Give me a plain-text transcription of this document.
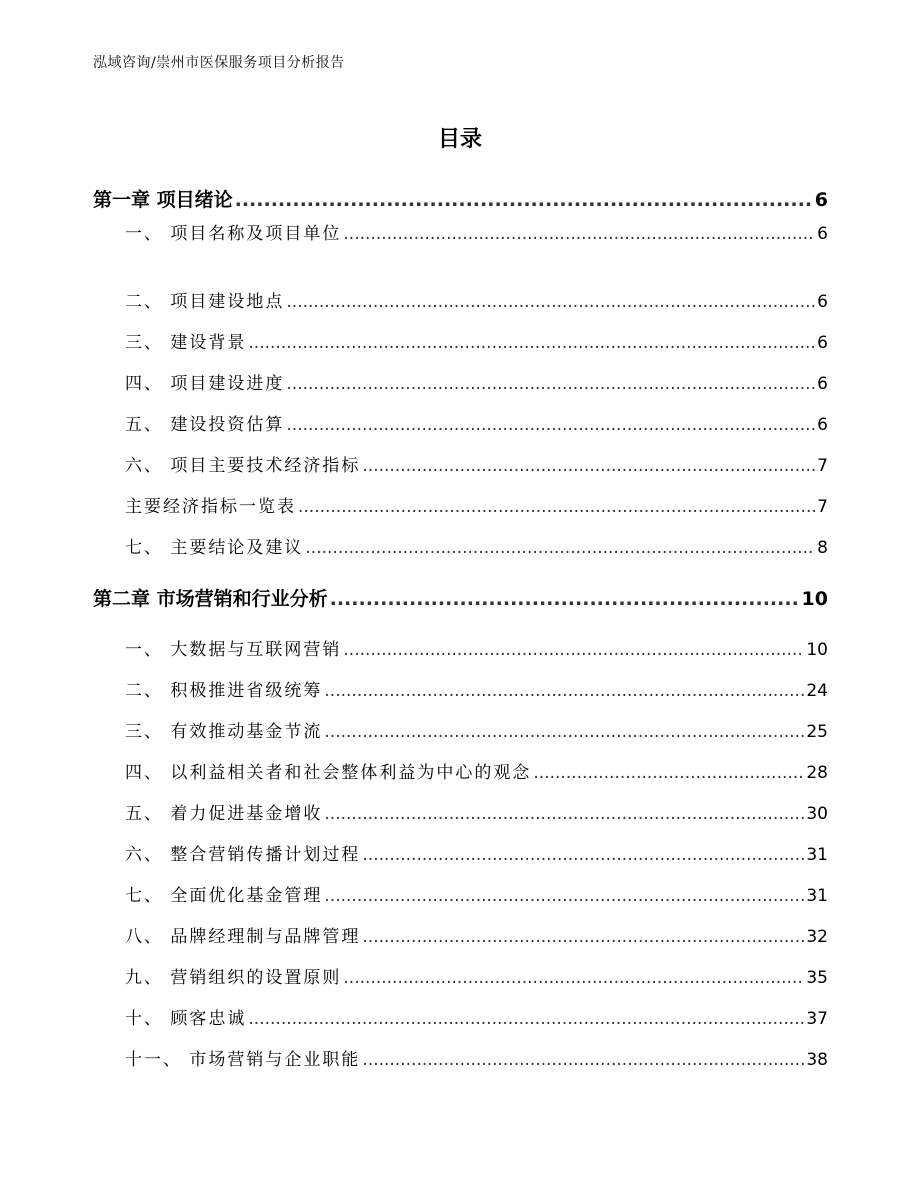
泓域咨询/崇州市医保服务项目分析报告
目录
第一章 项目绪论 .....	6
一、 项目名称及项目单位 .....	6
二、 项目建设地点 .....	6
三、 建设背景 .....	6
四、 项目建设进度 .....	6
五、 建设投资估算 .....	6
六、 项目主要技术经济指标 .....	7
主要经济指标一览表 .....	7
七、 主要结论及建议 .....	8
第二章 市场营销和行业分析 .....	10
一、 大数据与互联网营销 .....	10
二、 积极推进省级统筹 .....	24
三、 有效推动基金节流 .....	25
四、 以利益相关者和社会整体利益为中心的观念 .....	28
五、 着力促进基金增收 .....	30
六、 整合营销传播计划过程 .....	31
七、 全面优化基金管理 .....	31
八、 品牌经理制与品牌管理 .....	32
九、 营销组织的设置原则 .....	35
十、 顾客忠诚 .....	37
十一、 市场营销与企业职能 .....	38
